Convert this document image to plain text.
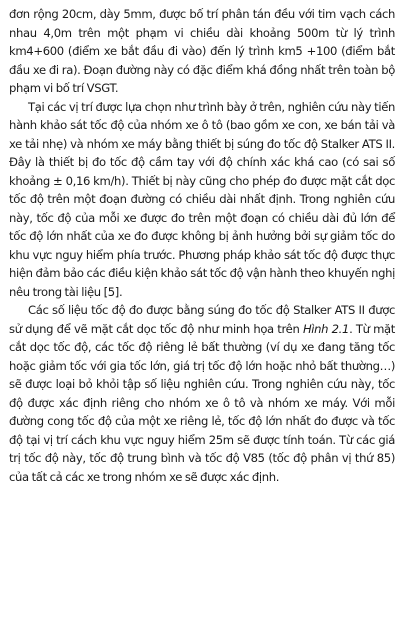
đơn rộng 20cm, dày 5mm, được bố trí phân tán đều với tim vạch cách nhau 4,0m trên một phạm vi chiều dài khoảng 500m từ lý trình km4+600 (điểm xe bắt đầu đi vào) đến lý trình km5 +100 (điểm bắt đầu xe đi ra). Đoạn đường này có đặc điểm khá đồng nhất trên toàn bộ phạm vi bố trí VSGT.

Tại các vị trí được lựa chọn như trình bày ở trên, nghiên cứu này tiến hành khảo sát tốc độ của nhóm xe ô tô (bao gồm xe con, xe bán tải và xe tải nhẹ) và nhóm xe máy bằng thiết bị súng đo tốc độ Stalker ATS II. Đây là thiết bị đo tốc độ cầm tay với độ chính xác khá cao (có sai số khoảng ± 0,16 km/h). Thiết bị này cũng cho phép đo được mặt cắt dọc tốc độ trên một đoạn đường có chiều dài nhất định. Trong nghiên cứu này, tốc độ của mỗi xe được đo trên một đoạn có chiều dài đủ lớn để tốc độ lớn nhất của xe đo được không bị ảnh hưởng bởi sự giảm tốc do khu vực nguy hiểm phía trước. Phương pháp khảo sát tốc độ được thực hiện đảm bảo các điều kiện khảo sát tốc độ vận hành theo khuyến nghị nêu trong tài liệu [5].

Các số liệu tốc độ đo được bằng súng đo tốc độ Stalker ATS II được sử dụng để vẽ mặt cắt dọc tốc độ như minh họa trên Hình 2.1. Từ mặt cắt dọc tốc độ, các tốc độ riêng lẻ bất thường (ví dụ xe đang tăng tốc hoặc giảm tốc với gia tốc lớn, giá trị tốc độ lớn hoặc nhỏ bất thường…) sẽ được loại bỏ khỏi tập số liệu nghiên cứu. Trong nghiên cứu này, tốc độ được xác định riêng cho nhóm xe ô tô và nhóm xe máy. Với mỗi đường cong tốc độ của một xe riêng lẻ, tốc độ lớn nhất đo được và tốc độ tại vị trí cách khu vực nguy hiểm 25m sẽ được tính toán. Từ các giá trị tốc độ này, tốc độ trung bình và tốc độ V85 (tốc độ phân vị thứ 85) của tất cả các xe trong nhóm xe sẽ được xác định.
